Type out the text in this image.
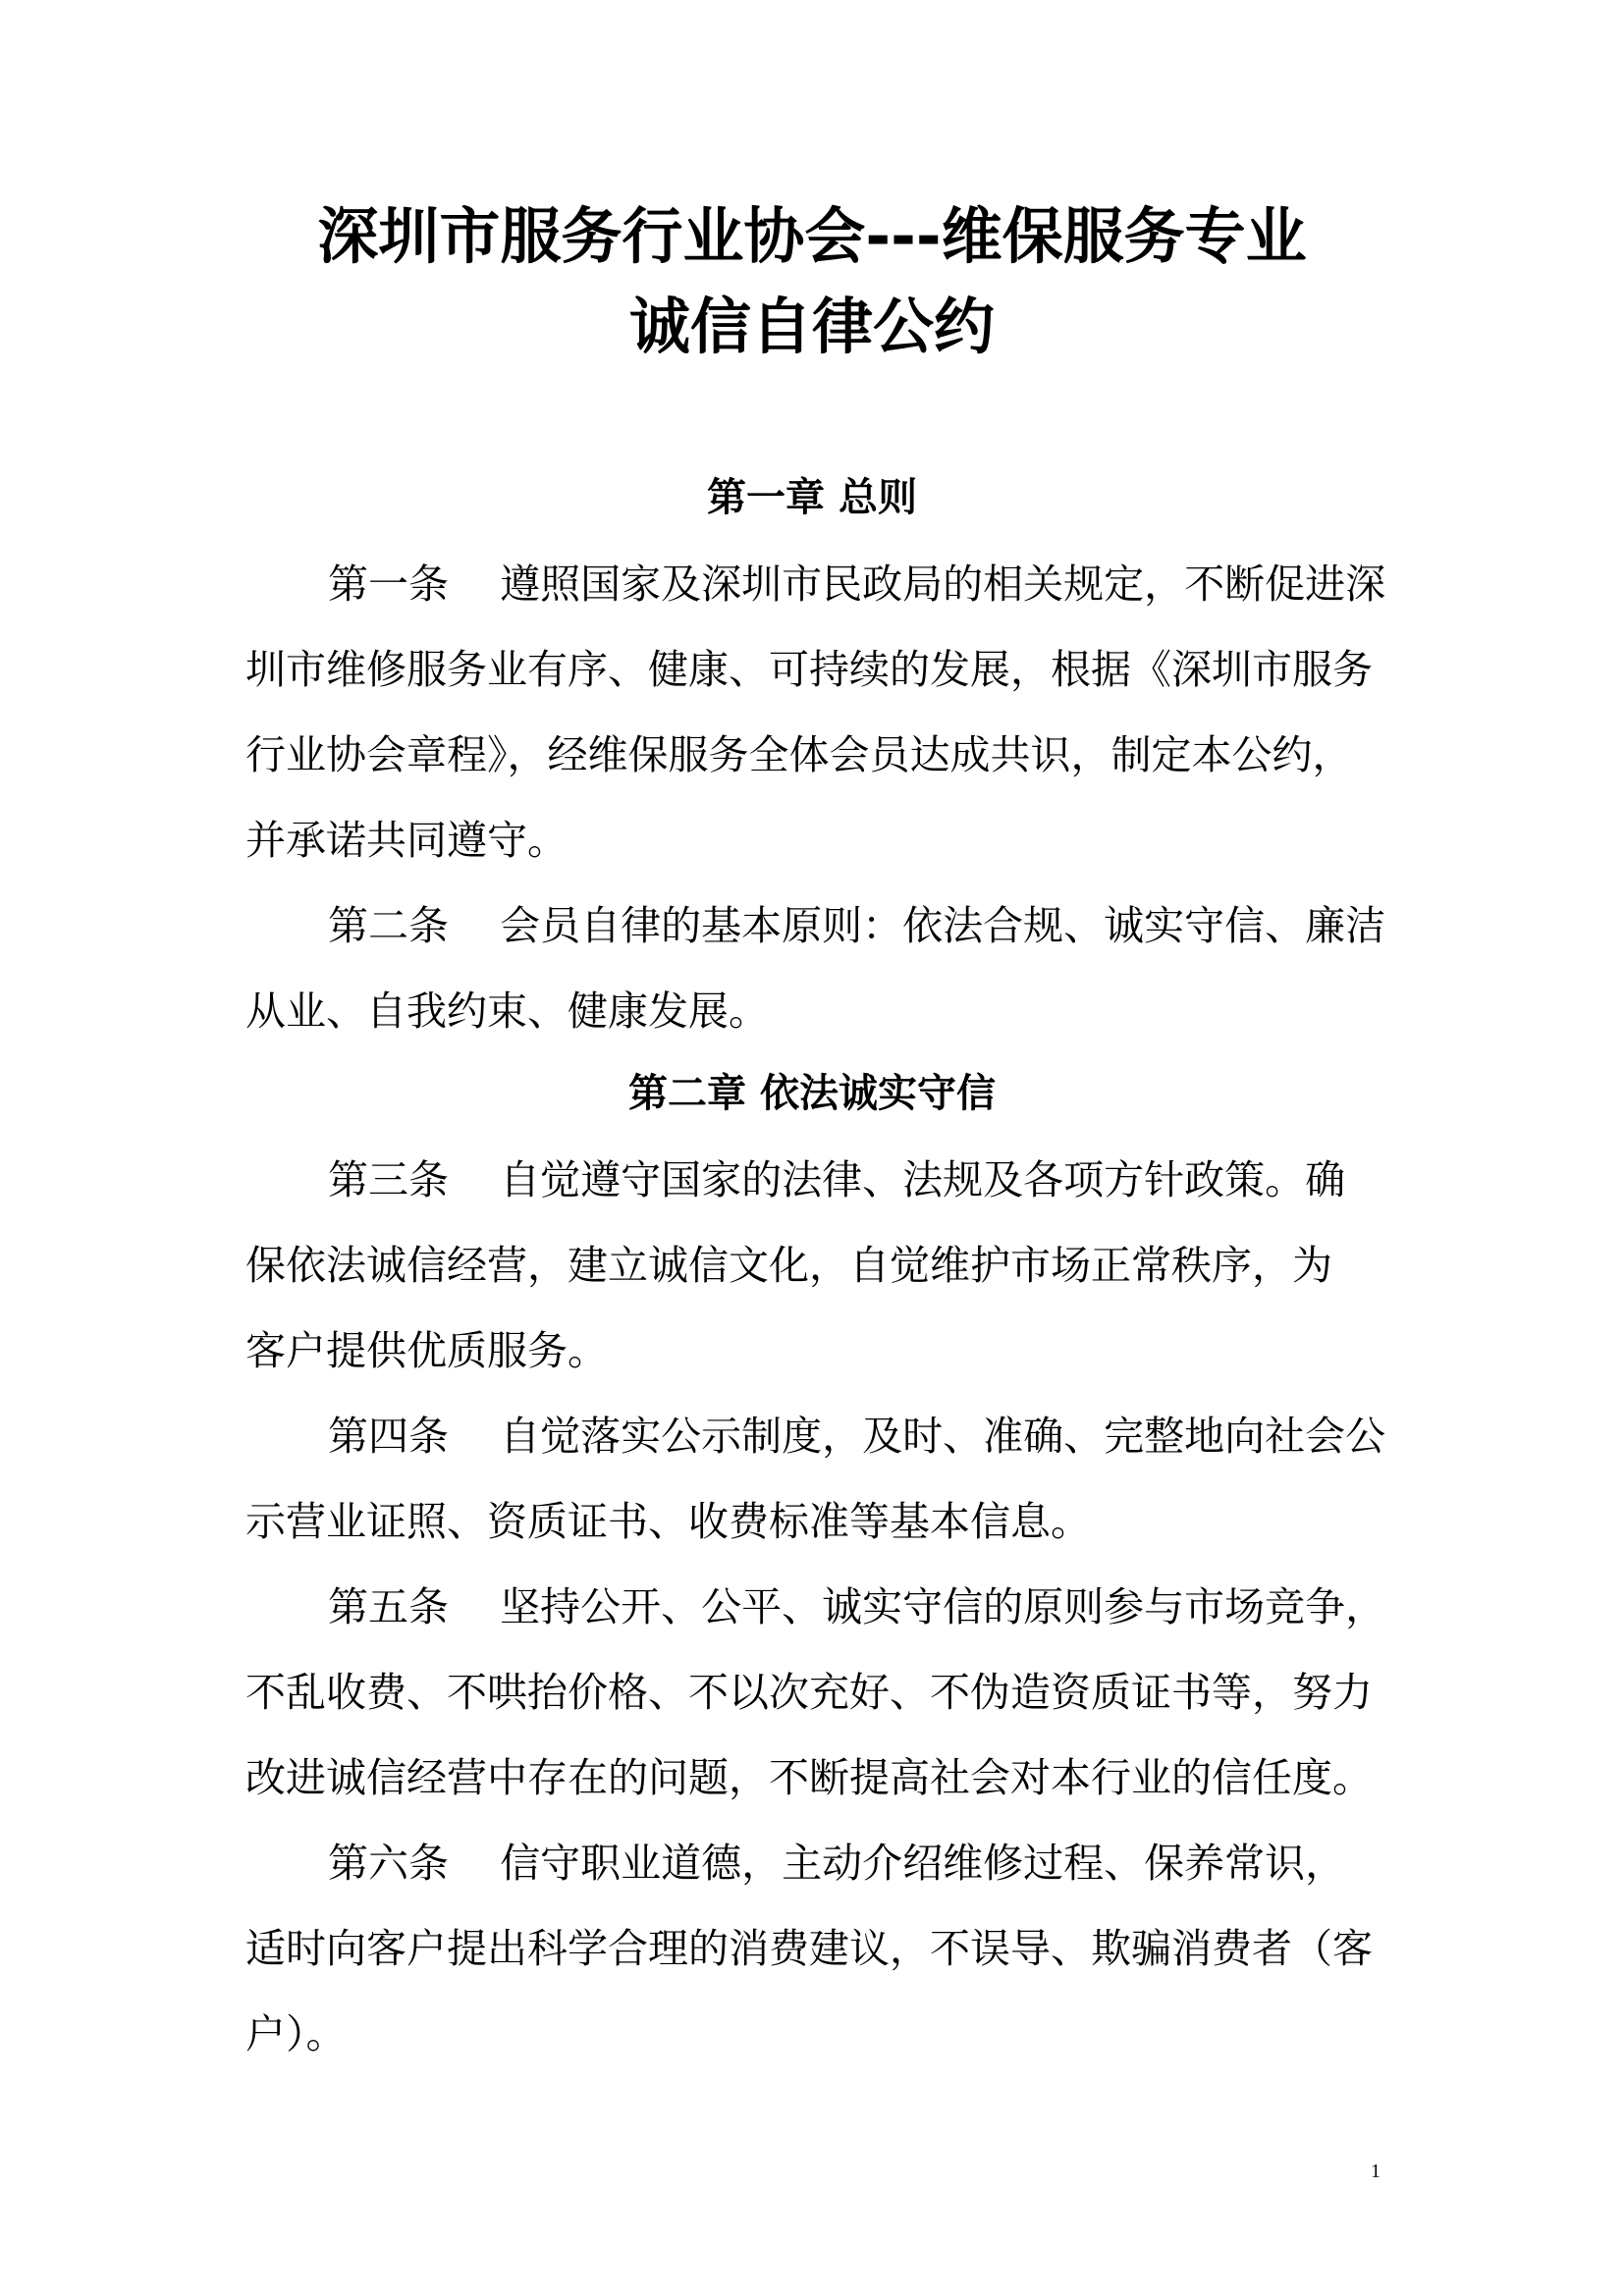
深圳市服务行业协会---维保服务专业
诚信自律公约
第一章 总则

第一条    遵照国家及深圳市民政局的相关规定，不断促进深

圳市维修服务业有序、健康、可持续的发展，根据《深圳市服务

行业协会章程》，经维保服务全体会员达成共识，制定本公约，

并承诺共同遵守。

第二条    会员自律的基本原则：依法合规、诚实守信、廉洁

从业、自我约束、健康发展。

第二章 依法诚实守信

第三条    自觉遵守国家的法律、法规及各项方针政策。确

保依法诚信经营，建立诚信文化，自觉维护市场正常秩序，为

客户提供优质服务。

第四条    自觉落实公示制度，及时、准确、完整地向社会公

示营业证照、资质证书、收费标准等基本信息。

第五条    坚持公开、公平、诚实守信的原则参与市场竞争，

不乱收费、不哄抬价格、不以次充好、不伪造资质证书等，努力

改进诚信经营中存在的问题，不断提高社会对本行业的信任度。

第六条    信守职业道德，主动介绍维修过程、保养常识，

适时向客户提出科学合理的消费建议，不误导、欺骗消费者（客

户）。

1
